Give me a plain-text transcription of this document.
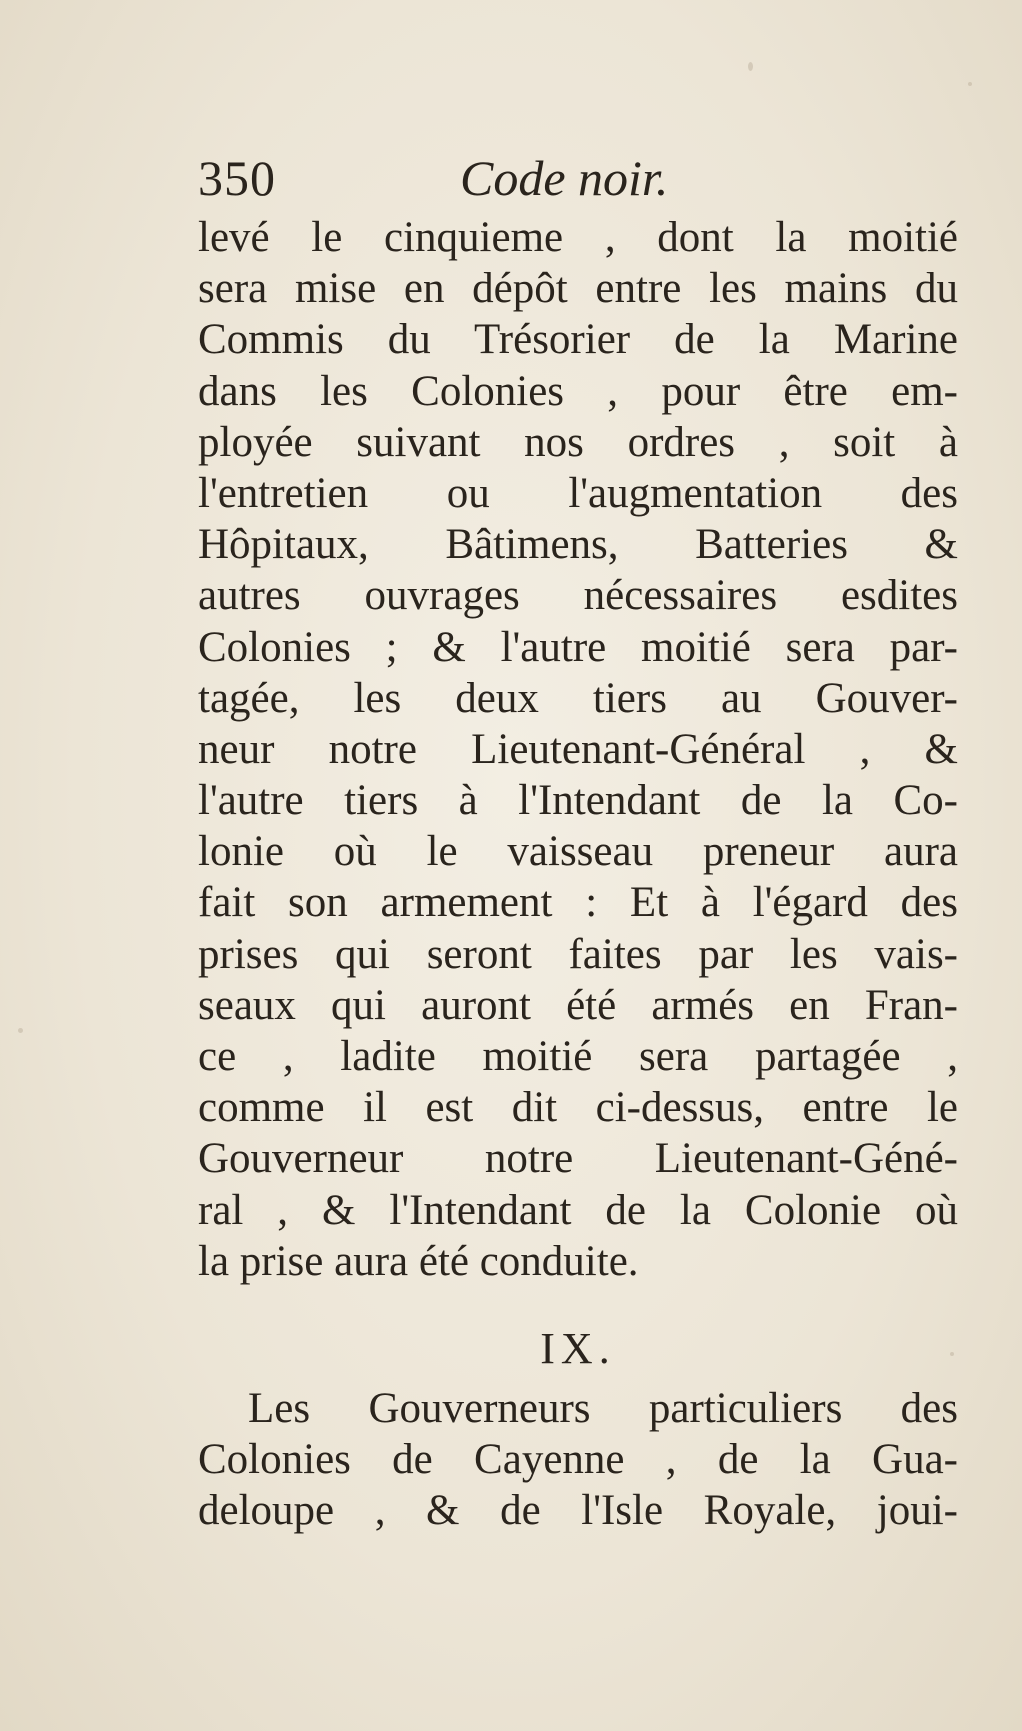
350	Code noir.
levé le cinquieme , dont la moitié
sera mise en dépôt entre les mains du
Commis du Trésorier de la Marine
dans les Colonies , pour être em-
ployée suivant nos ordres , soit à
l'entretien ou l'augmentation des
Hôpitaux, Bâtimens, Batteries &
autres ouvrages nécessaires esdites
Colonies ; & l'autre moitié sera par-
tagée, les deux tiers au Gouver-
neur notre Lieutenant-Général , &
l'autre tiers à l'Intendant de la Co-
lonie où le vaisseau preneur aura
fait son armement : Et à l'égard des
prises qui seront faites par les vais-
seaux qui auront été armés en Fran-
ce , ladite moitié sera partagée ,
comme il est dit ci-dessus, entre le
Gouverneur notre Lieutenant-Géné-
ral , & l'Intendant de la Colonie où
la prise aura été conduite.
IX.
Les Gouverneurs particuliers des
Colonies de Cayenne , de la Gua-
deloupe , & de l'Isle Royale, joui-
